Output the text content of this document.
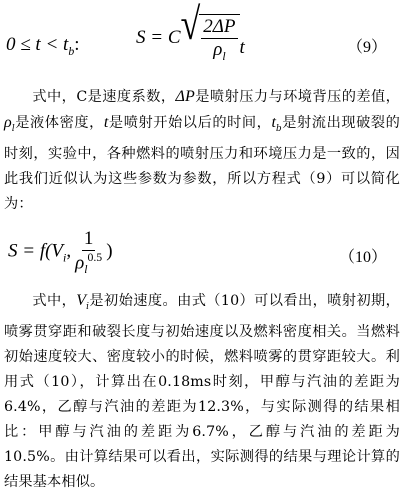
$0 \le t < t_b$:	S = C √ $\frac{2\Delta P}{\rho_l}$ t	（9）

式中，C是速度系数，ΔP是喷射压力与环境背压的差值，$\rho_l$是液体密度，t是喷射开始以后的时间，$t_b$是射流出现破裂的时刻，实验中，各种燃料的喷射压力和环境压力是一致的，因此我们近似认为这些参数为参数，所以方程式（9）可以简化为：

$S = f(V_i$, $\frac{1}{\rho_l^{0.5}}$ )	（10）

式中，$V_i$是初始速度。由式（10）可以看出，喷射初期，喷雾贯穿距和破裂长度与初始速度以及燃料密度相关。当燃料初始速度较大、密度较小的时候，燃料喷雾的贯穿距较大。利用式（10），计算出在0.18ms时刻，甲醇与汽油的差距为6.4%，乙醇与汽油的差距为12.3%，与实际测得的结果相比：甲醇与汽油的差距为6.7%，乙醇与汽油的差距为10.5%。由计算结果可以看出，实际测得的结果与理论计算的结果基本相似。
